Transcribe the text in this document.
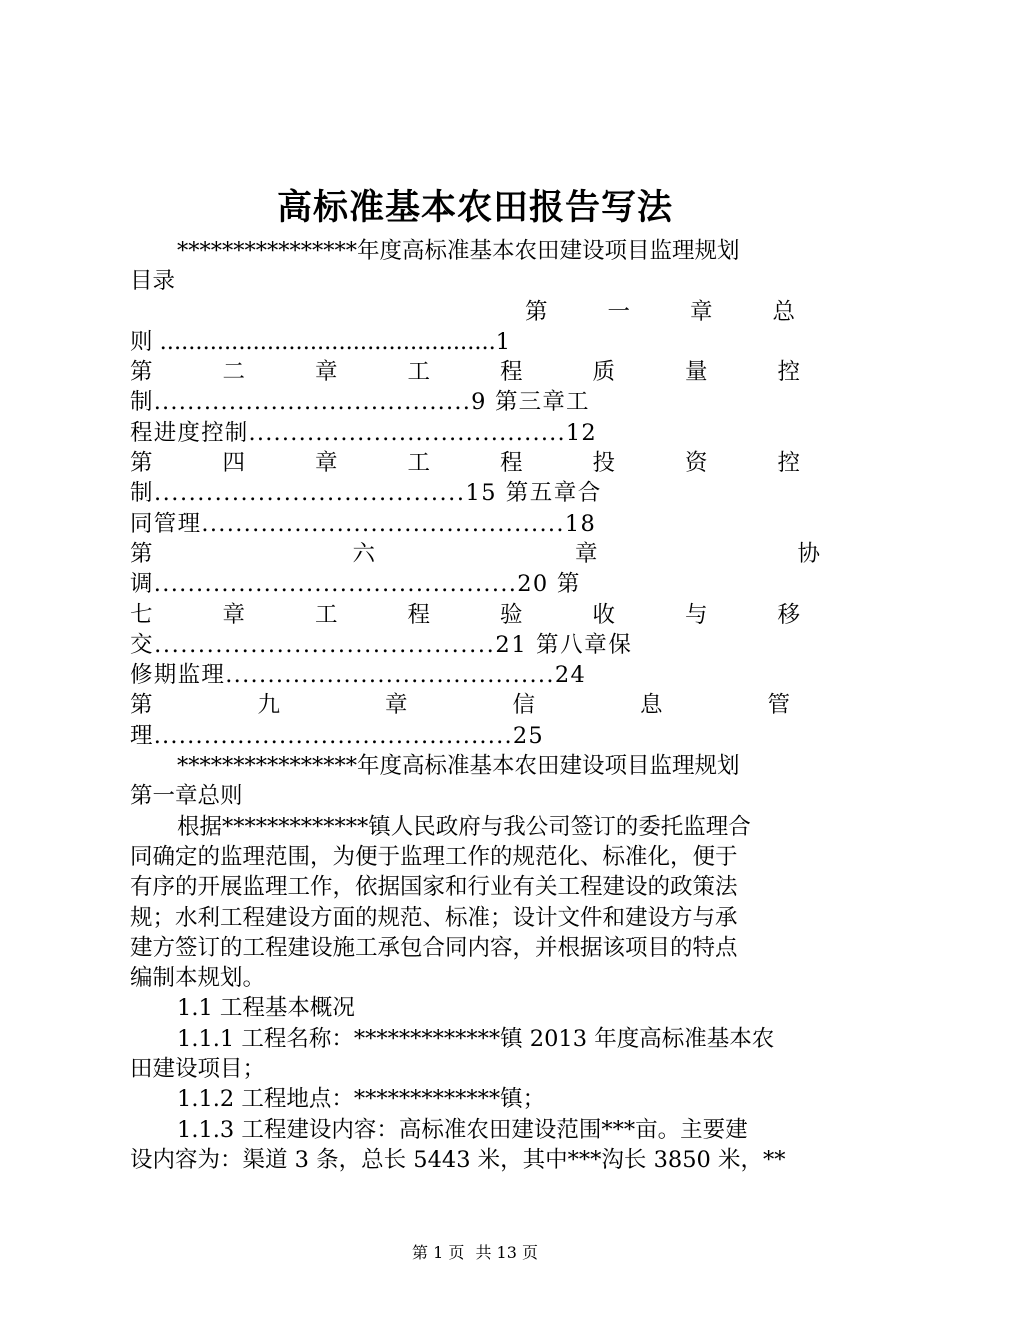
高标准基本农田报告写法
****************年度高标准基本农田建设项目监理规划
目录
第一章总
则 ...............................................1
第二章工程质量控
制......................................9 第三章工
程进度控制......................................12
第四章工程投资控
制....................................15 第五章合
同管理...........................................18
第六章协
调...........................................20 第
七章工程验收与移
交.......................................21 第八章保
修期监理.......................................24
第九章信息管
理...........................................25
****************年度高标准基本农田建设项目监理规划
第一章总则
根据*************镇人民政府与我公司签订的委托监理合
同确定的监理范围，为便于监理工作的规范化、标准化，便于
有序的开展监理工作，依据国家和行业有关工程建设的政策法
规；水利工程建设方面的规范、标准；设计文件和建设方与承
建方签订的工程建设施工承包合同内容，并根据该项目的特点
编制本规划。
1.1 工程基本概况
1.1.1 工程名称：*************镇 2013 年度高标准基本农
田建设项目；
1.1.2 工程地点：*************镇；
1.1.3 工程建设内容：高标准农田建设范围***亩。主要建
设内容为：渠道 3 条，总长 5443 米，其中***沟长 3850 米，**
第 1 页 共 13 页
